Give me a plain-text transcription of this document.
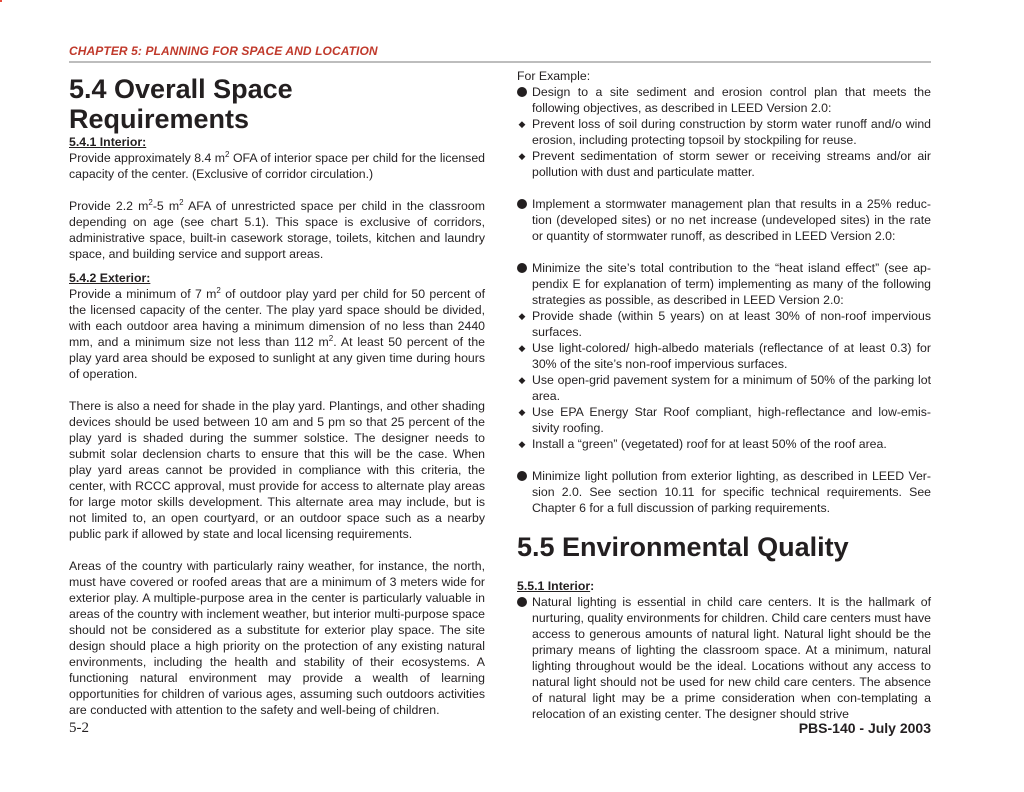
CHAPTER 5: PLANNING FOR SPACE AND LOCATION
5.4 Overall Space
Requirements
5.4.1 Interior:

Provide approximately 8.4 $m^2$ OFA of interior space per child for the licensed capacity of the center. (Exclusive of corridor circulation.)

Provide 2.2 $m^2-5$ $m^2$ AFA of unrestricted space per child in the classroom depending on age (see chart 5.1). This space is exclusive of corridors, administrative space, built-in casework storage, toilets, kitchen and laundry space, and building service and support areas.

5.4.2 Exterior:

Provide a minimum of 7 $m^2$ of outdoor play yard per child for 50 percent of the licensed capacity of the center. The play yard space should be divided, with each outdoor area having a minimum dimension of no less than 2440 mm, and a minimum size not less than 112 $m^2$. At least 50 percent of the play yard area should be exposed to sunlight at any given time during hours of operation.

There is also a need for shade in the play yard. Plantings, and other shading devices should be used between 10 am and 5 pm so that 25 percent of the play yard is shaded during the summer solstice. The designer needs to submit solar declension charts to ensure that this will be the case. When play yard areas cannot be provided in compliance with this criteria, the center, with RCCC approval, must provide for access to alternate play areas for large motor skills development. This alternate area may include, but is not limited to, an open courtyard, or an outdoor space such as a nearby public park if allowed by state and local licensing requirements.

Areas of the country with particularly rainy weather, for instance, the north, must have covered or roofed areas that are a minimum of 3 meters wide for exterior play. A multiple-purpose area in the center is particularly valuable in areas of the country with inclement weather, but interior multi-purpose space should not be considered as a substitute for exterior play space. The site design should place a high priority on the protection of any existing natural environments, including the health and stability of their ecosystems. A functioning natural environment may provide a wealth of learning opportunities for children of various ages, assuming such outdoors activities are conducted with attention to the safety and well-being of children.

For Example:

Design to a site sediment and erosion control plan that meets the following objectives, as described in LEED Version 2.0:
◆ Prevent loss of soil during construction by storm water runoff and/o wind erosion, including protecting topsoil by stockpiling for reuse.
◆ Prevent sedimentation of storm sewer or receiving streams and/or air pollution with dust and particulate matter.
Implement a stormwater management plan that results in a 25% reduc-tion (developed sites) or no net increase (undeveloped sites) in the rate or quantity of stormwater runoff, as described in LEED Version 2.0:
Minimize the site’s total contribution to the “heat island effect” (see ap-pendix E for explanation of term) implementing as many of the following strategies as possible, as described in LEED Version 2.0:
◆ Provide shade (within 5 years) on at least 30% of non-roof impervious surfaces.
◆ Use light-colored/ high-albedo materials (reflectance of at least 0.3) for 30% of the site’s non-roof impervious surfaces.
◆ Use open-grid pavement system for a minimum of 50% of the parking lot area.
◆ Use EPA Energy Star Roof compliant, high-reflectance and low-emis-sivity roofing.
◆ Install a “green” (vegetated) roof for at least 50% of the roof area.
Minimize light pollution from exterior lighting, as described in LEED Ver-sion 2.0. See section 10.11 for specific technical requirements. See Chapter 6 for a full discussion of parking requirements.
5.5 Environmental Quality
5.5.1 Interior:
Natural lighting is essential in child care centers. It is the hallmark of nurturing, quality environments for children. Child care centers must have access to generous amounts of natural light. Natural light should be the primary means of lighting the classroom space. At a minimum, natural lighting throughout would be the ideal. Locations without any access to natural light should not be used for new child care centers. The absence of natural light may be a prime consideration when con-templating a relocation of an existing center. The designer should strive
5-2	PBS-140 - July 2003
